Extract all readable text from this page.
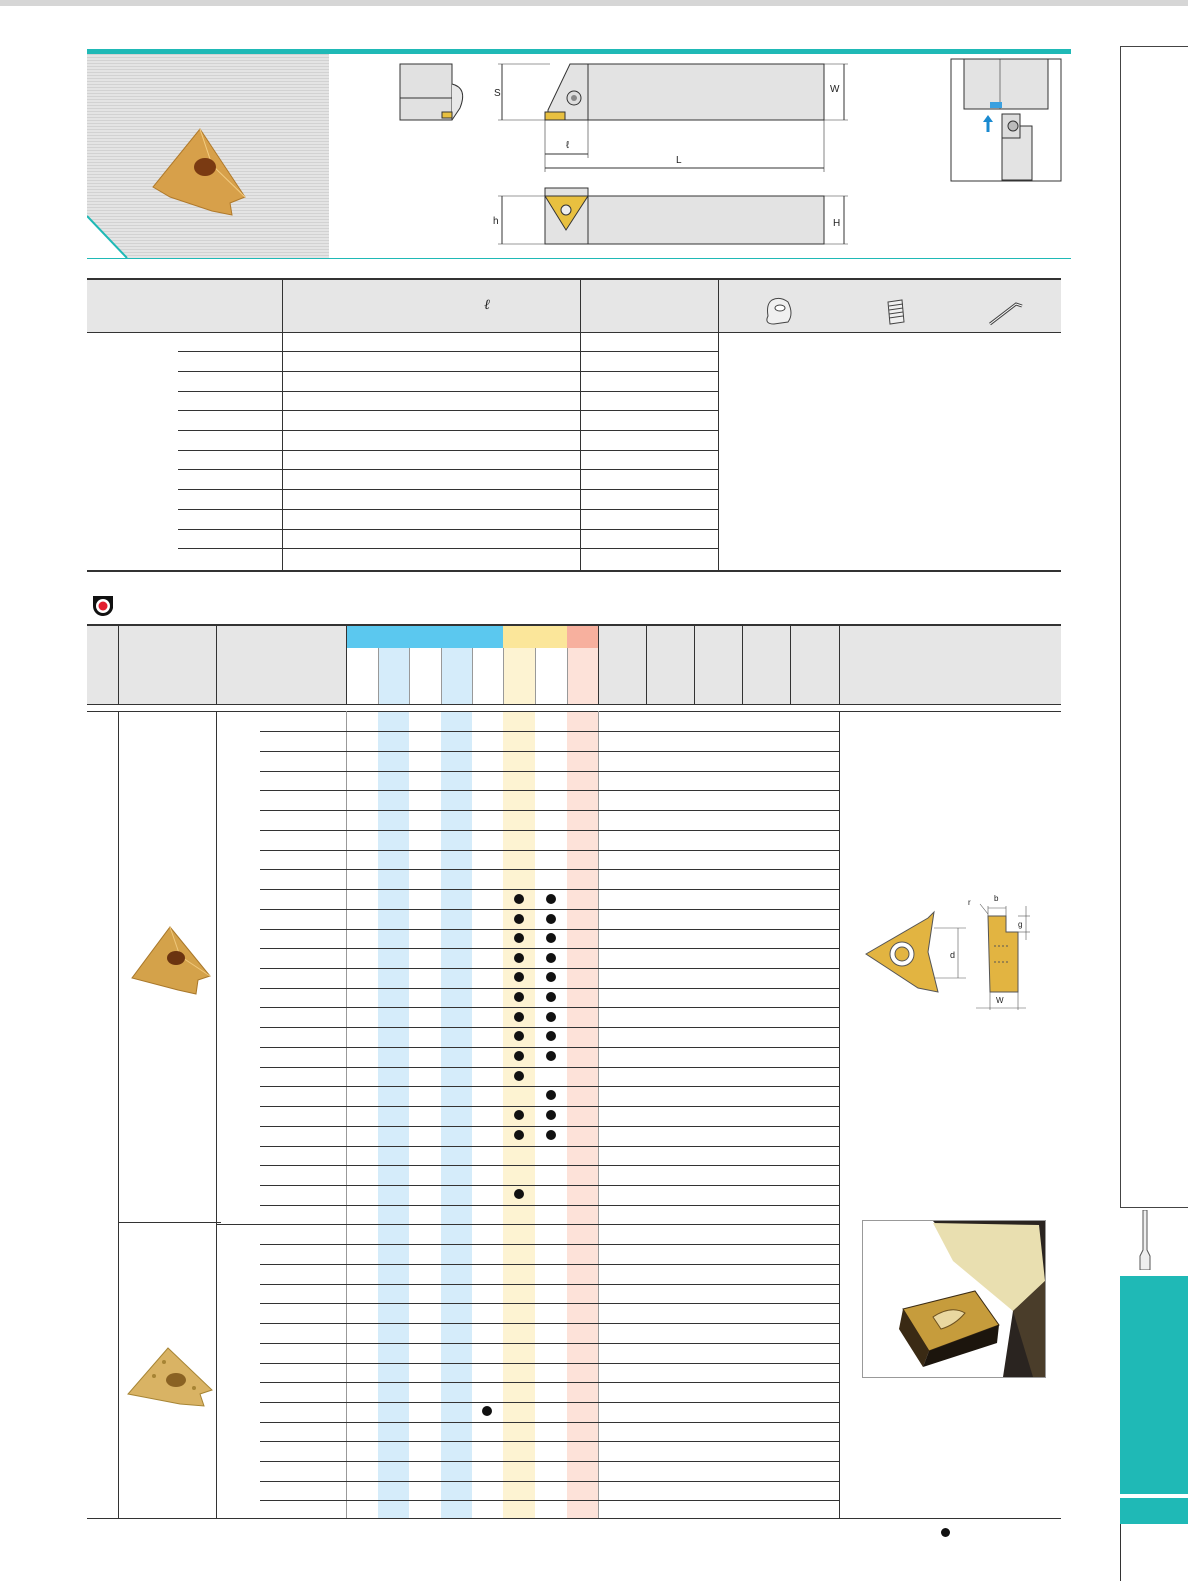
S	W
ℓ
L
h	H
ℓ
b
r
g
d
W
